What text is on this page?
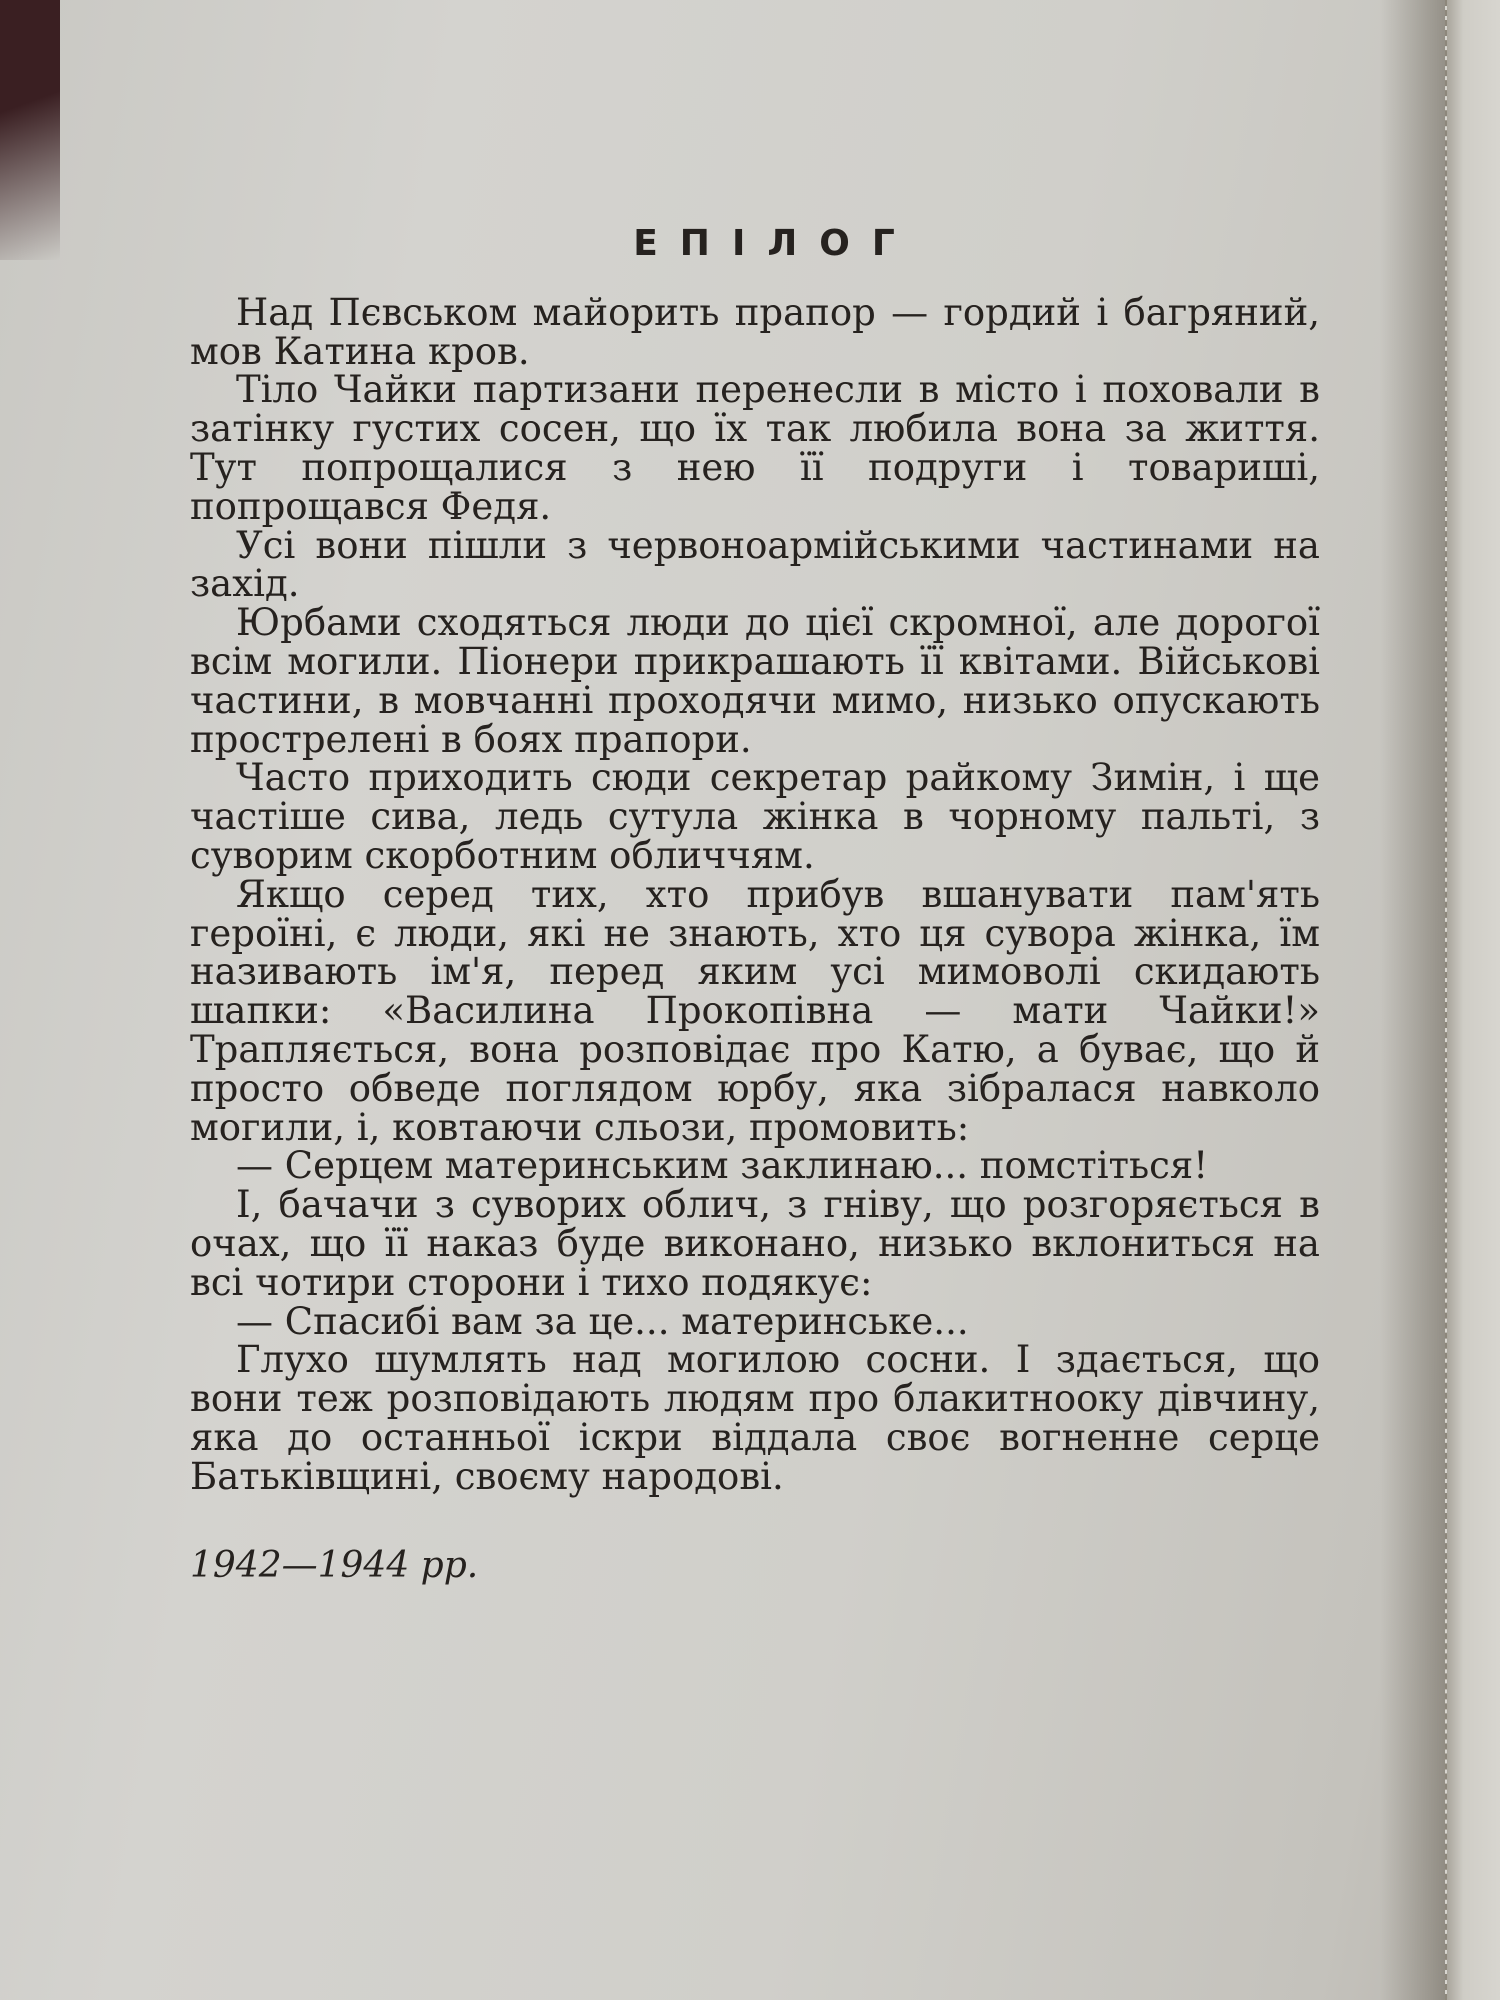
ЕПІЛОГ

Над Пєвськом майорить прапор — гордий і багряний, мов Катина кров.

Тіло Чайки партизани перенесли в місто і поховали в затінку густих сосен, що їх так любила вона за життя. Тут попрощалися з нею її подруги і товариші, попрощався Федя.

Усі вони пішли з червоноармійськими частинами на захід.

Юрбами сходяться люди до цієї скромної, але дорогої всім могили. Піонери прикрашають її квітами. Військові частини, в мовчанні проходячи мимо, низько опускають прострелені в боях прапори.

Часто приходить сюди секретар райкому Зимін, і ще частіше сива, ледь сутула жінка в чорному пальті, з суворим скорботним обличчям.

Якщо серед тих, хто прибув вшанувати пам'ять героїні, є люди, які не знають, хто ця сувора жінка, їм називають ім'я, перед яким усі мимоволі скидають шапки: «Василина Прокопівна — мати Чайки!» Трапляється, вона розповідає про Катю, а буває, що й просто обведе поглядом юрбу, яка зібралася навколо могили, і, ковтаючи сльози, промовить:

— Серцем материнським заклинаю... помстіться!

І, бачачи з суворих облич, з гніву, що розгоряється в очах, що її наказ буде виконано, низько вклониться на всі чотири сторони і тихо подякує:

— Спасибі вам за це... материнське...

Глухо шумлять над могилою сосни. І здається, що вони теж розповідають людям про блакитнооку дівчину, яка до останньої іскри віддала своє вогненне серце Батьківщині, своєму народові.

1942—1944 рр.
